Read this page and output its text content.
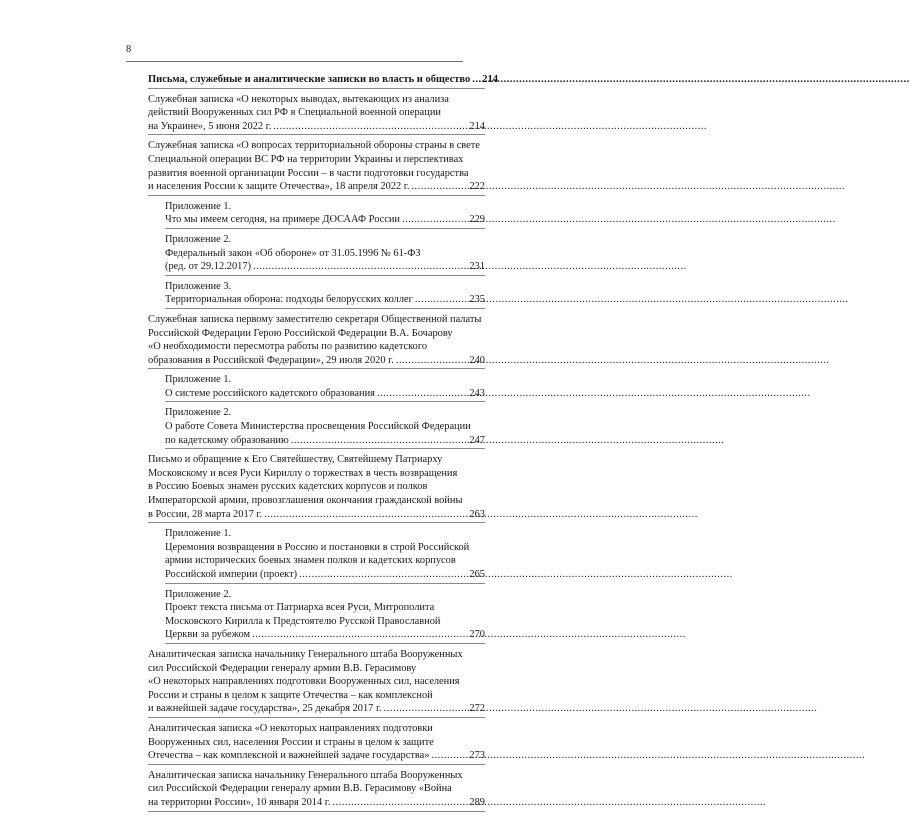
8
Письма, служебные и аналитические записки во власть и общество ..... 214
Служебная записка «О некоторых выводах, вытекающих из анализа
действий Вооруженных сил РФ в Специальной военной операции
на Украине», 5 июня 2022 г. .....	214
Служебная записка «О вопросах территориальной обороны страны в свете
Специальной операции ВС РФ на территории Украины и перспективах
развития военной организации России – в части подготовки государства
и населения России к защите Отечества», 18 апреля 2022 г. .....	222
Приложение 1.
Что мы имеем сегодня, на примере ДОСААФ России .....	229
Приложение 2.
Федеральный закон «Об обороне» от 31.05.1996 № 61-ФЗ
(ред. от 29.12.2017) .....	231
Приложение 3.
Территориальная оборона: подходы белорусских коллег .....	235
Служебная записка первому заместителю секретаря Общественной палаты
Российской Федерации Герою Российской Федерации В.А. Бочарову
«О необходимости пересмотра работы по развитию кадетского
образования в Российской Федерации», 29 июля 2020 г. .....	240
Приложение 1.
О системе российского кадетского образования .....	243
Приложение 2.
О работе Совета Министерства просвещения Российской Федерации
по кадетскому образованию .....	247
Письмо и обращение к Его Святейшеству, Святейшему Патриарху
Московскому и всея Руси Кириллу о торжествах в честь возвращения
в Россию Боевых знамен русских кадетских корпусов и полков
Императорской армии, провозглашения окончания гражданской войны
в России, 28 марта 2017 г. .....	263
Приложение 1.
Церемония возвращения в Россию и постановки в строй Российской
армии исторических боевых знамен полков и кадетских корпусов
Российской империи (проект) .....	265
Приложение 2.
Проект текста письма от Патриарха всея Руси, Митрополита
Московского Кирилла к Предстоятелю Русской Православной
Церкви за рубежом .....	270
Аналитическая записка начальнику Генерального штаба Вооруженных
сил Российской Федерации генералу армии В.В. Герасимову
«О некоторых направлениях подготовки Вооруженных сил, населения
России и страны в целом к защите Отечества – как комплексной
и важнейшей задаче государства», 25 декабря 2017 г. .....	272
Аналитическая записка «О некоторых направлениях подготовки
Вооруженных сил, населения России и страны в целом к защите
Отечества – как комплексной и важнейшей задаче государства» .....	273
Аналитическая записка начальнику Генерального штаба Вооруженных
сил Российской Федерации генералу армии В.В. Герасимову «Война
на территории России», 10 января 2014 г. .....	289
